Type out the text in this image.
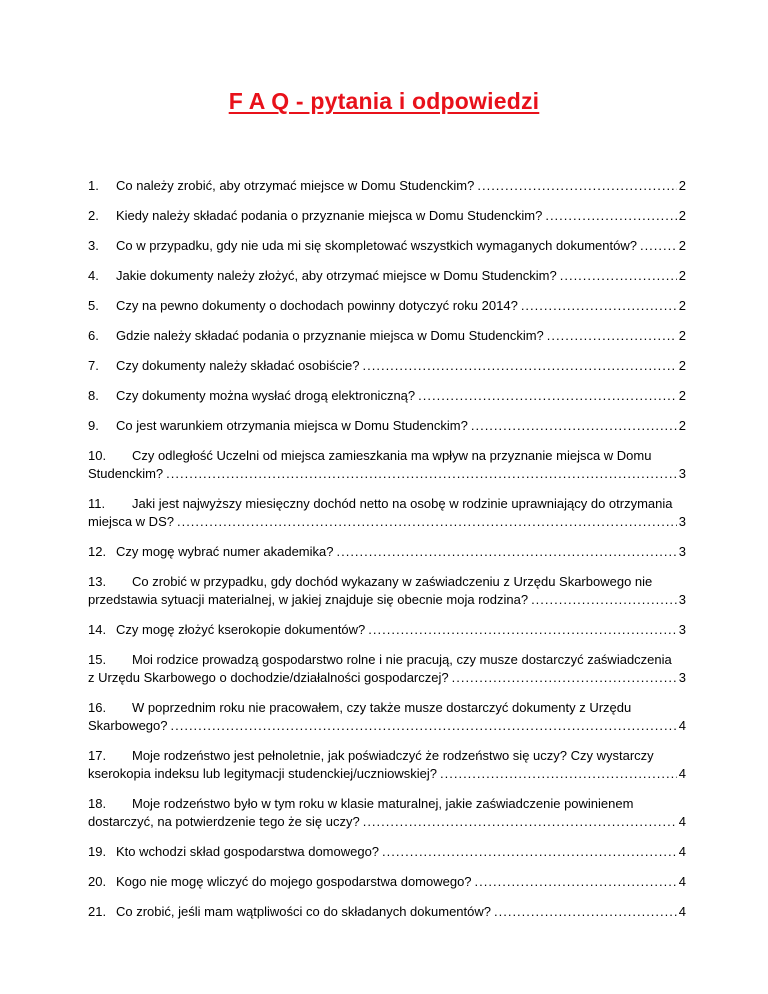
F A Q - pytania i odpowiedzi
1.	Co należy zrobić, aby otrzymać miejsce w Domu Studenckim? .....	2
2.	Kiedy należy składać podania o przyznanie miejsca w Domu Studenckim? .....	2
3.	Co w przypadku, gdy nie uda mi się skompletować wszystkich wymaganych dokumentów? .....	2
4.	Jakie dokumenty należy złożyć, aby otrzymać miejsce w Domu Studenckim? .....	2
5.	Czy na pewno dokumenty o dochodach powinny dotyczyć roku 2014? .....	2
6.	Gdzie należy składać podania o przyznanie miejsca w Domu Studenckim? .....	2
7.	Czy dokumenty należy składać osobiście? .....	2
8.	Czy dokumenty można wysłać drogą elektroniczną? .....	2
9.	Co jest warunkiem otrzymania miejsca w Domu Studenckim? .....	2
10.	Czy odległość Uczelni od miejsca zamieszkania ma wpływ na przyznanie miejsca w Domu
Studenckim? .....	3
11.	Jaki jest najwyższy miesięczny dochód netto na osobę w rodzinie uprawniający do otrzymania
miejsca w DS? .....	3
12. Czy mogę wybrać numer akademika? .....	3
13.	Co zrobić w przypadku, gdy dochód wykazany w zaświadczeniu z Urzędu Skarbowego nie
przedstawia sytuacji materialnej, w jakiej znajduje się obecnie moja rodzina? .....	3
14. Czy mogę złożyć kserokopie dokumentów? .....	3
15.	Moi rodzice prowadzą gospodarstwo rolne i nie pracują, czy musze dostarczyć zaświadczenia
z Urzędu Skarbowego o dochodzie/działalności gospodarczej? .....	3
16.	W poprzednim roku nie pracowałem, czy także musze dostarczyć dokumenty z Urzędu
Skarbowego? .....	4
17.	Moje rodzeństwo jest pełnoletnie, jak poświadczyć że rodzeństwo się uczy? Czy wystarczy
kserokopia indeksu lub legitymacji studenckiej/uczniowskiej? .....	4
18.	Moje rodzeństwo było w tym roku w klasie maturalnej, jakie zaświadczenie powinienem
dostarczyć, na potwierdzenie tego że się uczy? .....	4
19. Kto wchodzi skład gospodarstwa domowego? .....	4
20. Kogo nie mogę wliczyć do mojego gospodarstwa domowego? .....	4
21. Co zrobić, jeśli mam wątpliwości co do składanych dokumentów? .....	4
